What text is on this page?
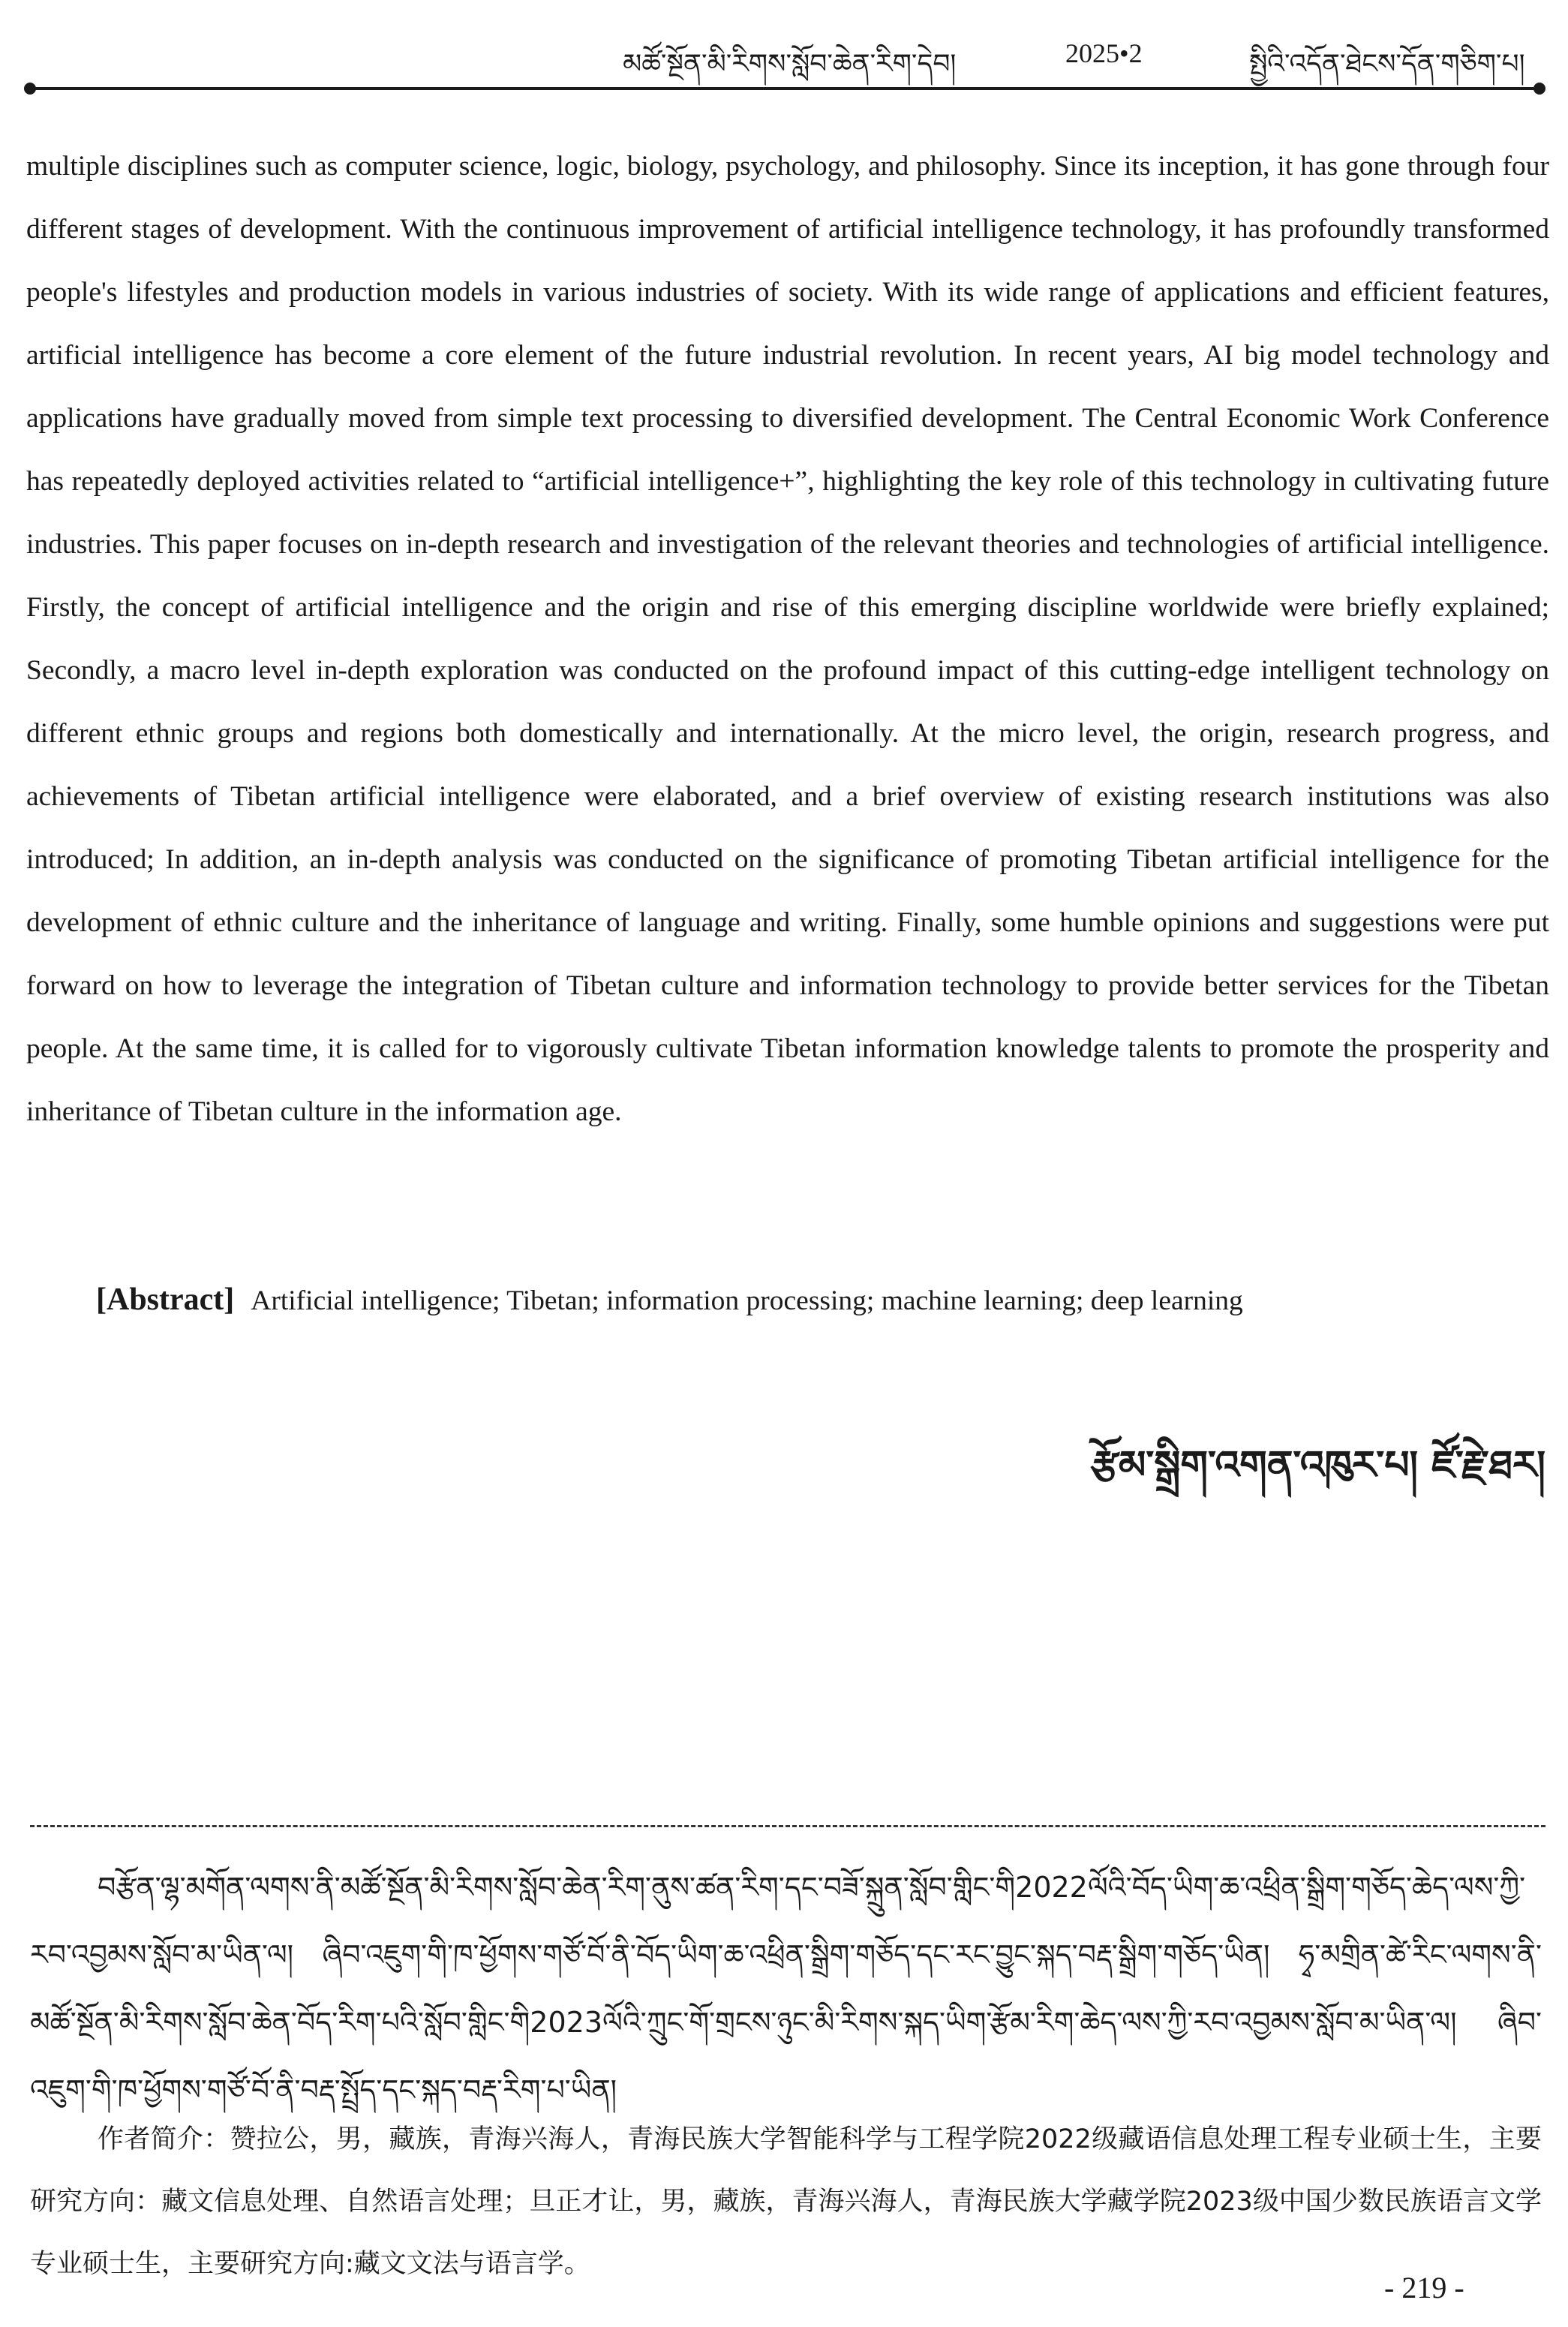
མཚོ་སྔོན་མི་རིགས་སློབ་ཆེན་རིག་དེབ།	2025•2	སྤྱིའི་འདོན་ཐེངས་དོན་གཅིག་པ།

multiple disciplines such as computer science, logic, biology, psychology, and philosophy. Since its inception, it has gone through four different stages of development. With the continuous improvement of artificial intelligence technology, it has profoundly transformed people's lifestyles and production models in various industries of society. With its wide range of applications and efficient features, artificial intelligence has become a core element of the future industrial revolution. In recent years, AI big model technology and applications have gradually moved from simple text processing to diversified development. The Central Economic Work Conference has repeatedly deployed activities related to “artificial intelligence+”, highlighting the key role of this technology in cultivating future industries. This paper focuses on in-depth research and investigation of the relevant theories and technologies of artificial intelligence. Firstly, the concept of artificial intelligence and the origin and rise of this emerging discipline worldwide were briefly explained; Secondly, a macro level in-depth exploration was conducted on the profound impact of this cutting-edge intelligent technology on different ethnic groups and regions both domestically and internationally. At the micro level, the origin, research progress, and achievements of Tibetan artificial intelligence were elaborated, and a brief overview of existing research institutions was also introduced; In addition, an in-depth analysis was conducted on the significance of promoting Tibetan artificial intelligence for the development of ethnic culture and the inheritance of language and writing. Finally, some humble opinions and suggestions were put forward on how to leverage the integration of Tibetan culture and information technology to provide better services for the Tibetan people. At the same time, it is called for to vigorously cultivate Tibetan information knowledge talents to promote the prosperity and inheritance of Tibetan culture in the information age.

[Abstract] Artificial intelligence; Tibetan; information processing; machine learning; deep learning
རྩོམ་སྒྲིག་འགན་འཁུར་པ། ཛོ་རྗེ་ཐར།

བརྩོན་ལྷ་མགོན་ལགས་ནི་མཚོ་སྔོན་མི་རིགས་སློབ་ཆེན་རིག་ནུས་ཚན་རིག་དང་བཟོ་སྐྲུན་སློབ་གླིང་གི2022ལོའི་བོད་ཡིག་ཆ་འཕྲིན་སྒྲིག་གཅོད་ཆེད་ལས་ཀྱི་རབ་འབྱམས་སློབ་མ་ཡིན་ལ། ཞིབ་འཇུག་གི་ཁ་ཕྱོགས་གཙོ་བོ་ནི་བོད་ཡིག་ཆ་འཕྲིན་སྒྲིག་གཅོད་དང་རང་བྱུང་སྐད་བརྡ་སྒྲིག་གཅོད་ཡིན། ཧྭ་མགྲིན་ཚེ་རིང་ལགས་ནི་མཚོ་སྔོན་མི་རིགས་སློབ་ཆེན་བོད་རིག་པའི་སློབ་གླིང་གི2023ལོའི་ཀྲུང་གོ་གྲངས་ཉུང་མི་རིགས་སྐད་ཡིག་རྩོམ་རིག་ཆེད་ལས་ཀྱི་རབ་འབྱམས་སློབ་མ་ཡིན་ལ། ཞིབ་འཇུག་གི་ཁ་ཕྱོགས་གཙོ་བོ་ནི་བརྡ་སྤྲོད་དང་སྐད་བརྡ་རིག་པ་ཡིན།

作者简介：赞拉公，男，藏族，青海兴海人，青海民族大学智能科学与工程学院2022级藏语信息处理工程专业硕士生，主要研究方向：藏文信息处理、自然语言处理；旦正才让，男，藏族，青海兴海人，青海民族大学藏学院2023级中国少数民族语言文学专业硕士生，主要研究方向:藏文文法与语言学。

- 219 -
